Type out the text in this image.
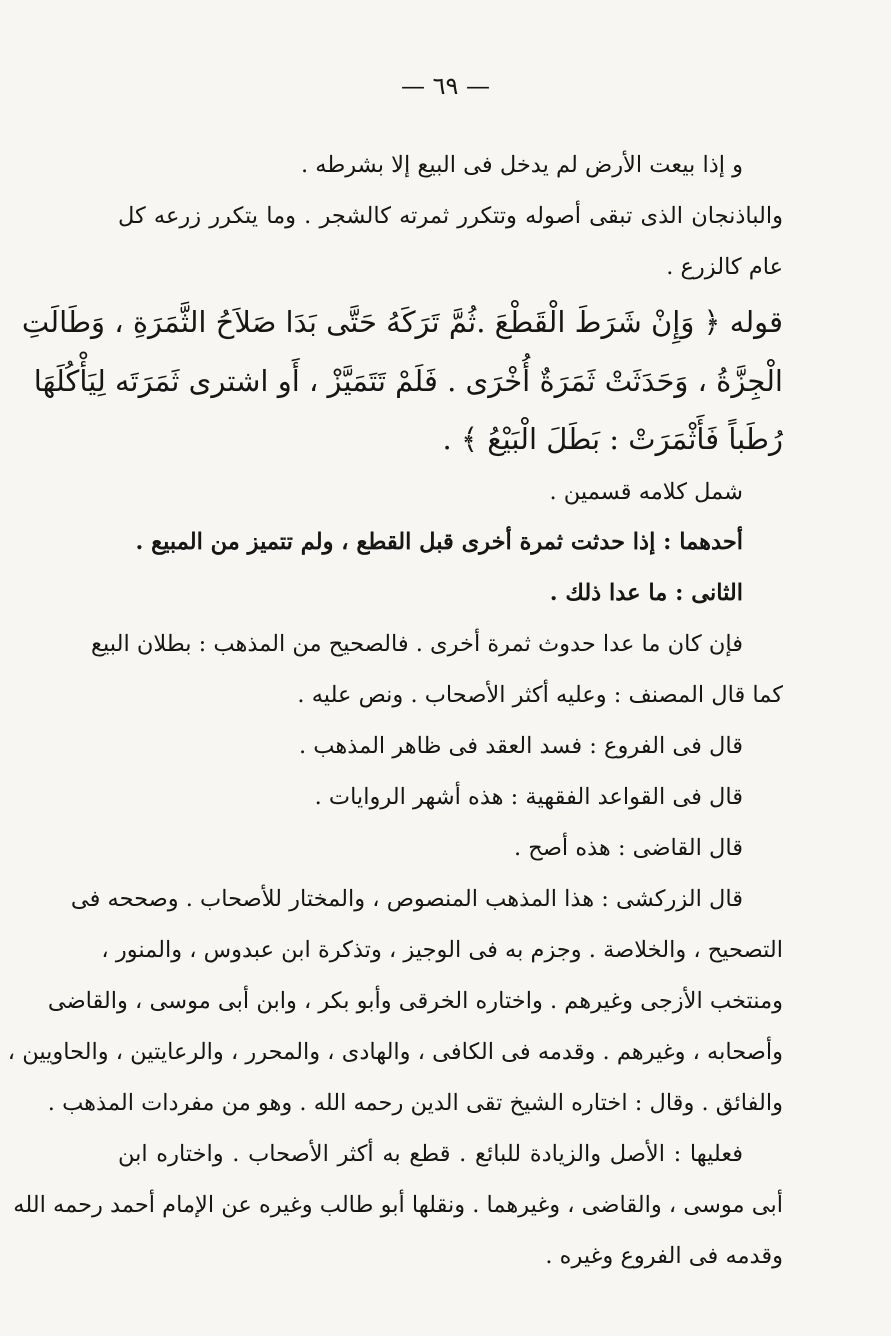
— ٦٩ —
و إذا بيعت الأرض لم يدخل فى البيع إلا بشرطه .
والباذنجان الذى تبقى أصوله وتتكرر ثمرته كالشجر . وما يتكرر زرعه كل
عام كالزرع .
قوله ﴿ وَإِنْ شَرَطَ الْقَطْعَ .ثُمَّ تَرَكَهُ حَتَّى بَدَا صَلاَحُ الثَّمَرَةِ ، وَطَالَتِ
الْجِزَّةُ ، وَحَدَثَتْ ثَمَرَةٌ أُخْرَى . فَلَمْ تَتَمَيَّزْ ، أَو اشترى ثَمَرَتَه لِيَأْكُلَهَا
رُطَباً فَأَثْمَرَتْ : بَطَلَ الْبَيْعُ ﴾ .
شمل كلامه قسمين .
أحدهما : إذا حدثت ثمرة أخرى قبل القطع ، ولم تتميز من المبيع .
الثانى : ما عدا ذلك .
فإن كان ما عدا حدوث ثمرة أخرى . فالصحيح من المذهب : بطلان البيع
كما قال المصنف : وعليه أكثر الأصحاب . ونص عليه .
قال فى الفروع : فسد العقد فى ظاهر المذهب .
قال فى القواعد الفقهية : هذه أشهر الروايات .
قال القاضى : هذه أصح .
قال الزركشى : هذا المذهب المنصوص ، والمختار للأصحاب . وصححه فى
التصحيح ، والخلاصة . وجزم به فى الوجيز ، وتذكرة ابن عبدوس ، والمنور ،
ومنتخب الأزجى وغيرهم . واختاره الخرقى وأبو بكر ، وابن أبى موسى ، والقاضى
وأصحابه ، وغيرهم . وقدمه فى الكافى ، والهادى ، والمحرر ، والرعايتين ، والحاويين ،
والفائق . وقال : اختاره الشيخ تقى الدين رحمه الله . وهو من مفردات المذهب .
فعليها : الأصل والزيادة للبائع . قطع به أكثر الأصحاب . واختاره ابن
أبى موسى ، والقاضى ، وغيرهما . ونقلها أبو طالب وغيره عن الإمام أحمد رحمه الله
وقدمه فى الفروع وغيره .
